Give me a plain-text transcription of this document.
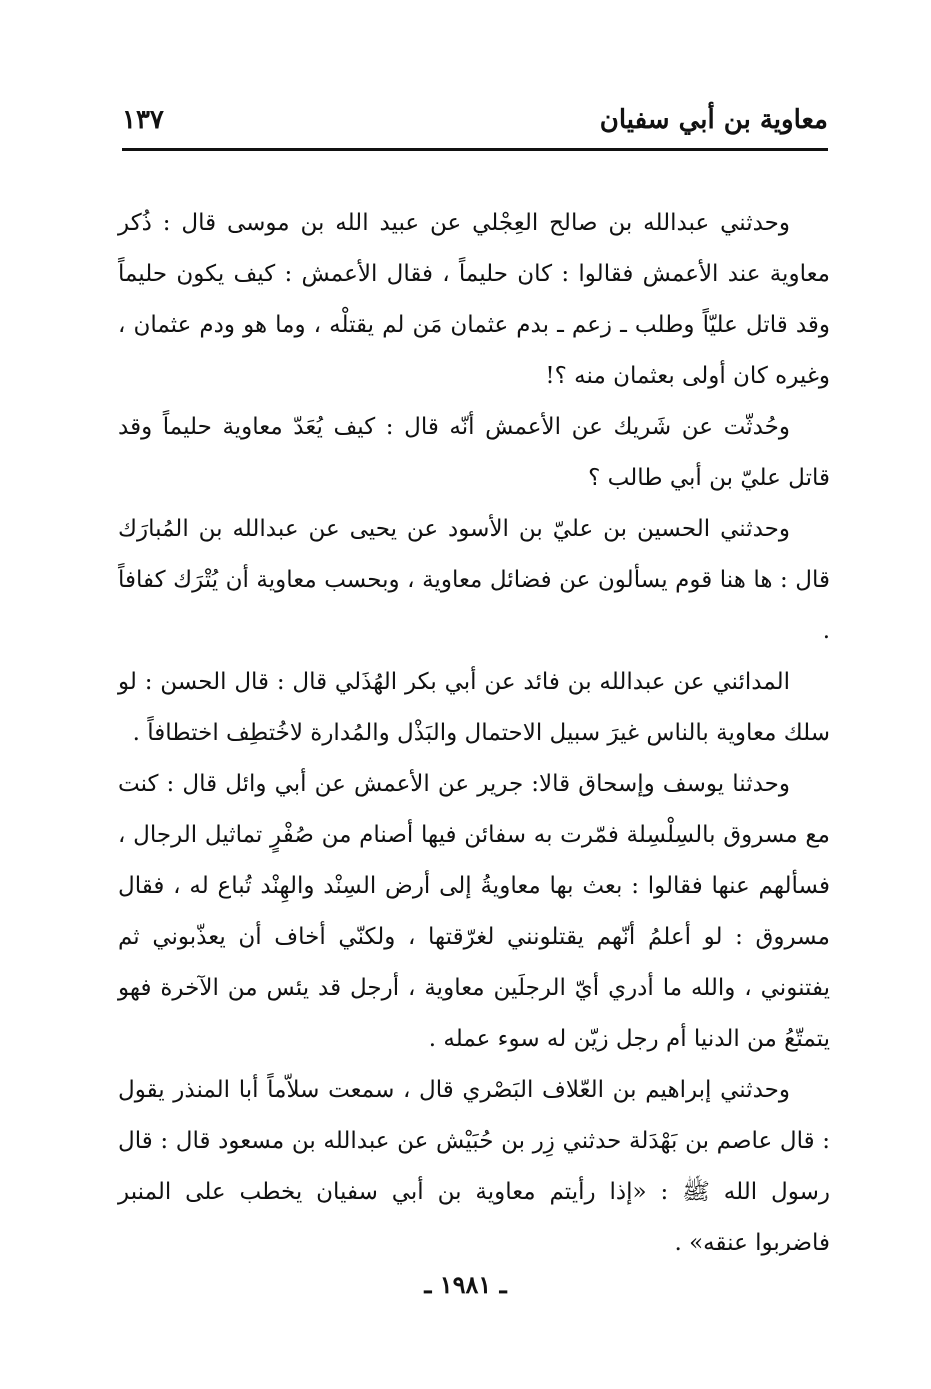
معاوية بن أبي سفيان
١٣٧

وحدثني عبدالله بن صالح العِجْلي عن عبيد الله بن موسى قال : ذُكر معاوية عند الأعمش فقالوا : كان حليماً ، فقال الأعمش : كيف يكون حليماً وقد قاتل عليّاً وطلب ـ زعم ـ بدم عثمان مَن لم يقتلْه ، وما هو ودم عثمان ، وغيره كان أولى بعثمان منه ؟!

وحُدثّت عن شَريك عن الأعمش أنّه قال : كيف يُعَدّ معاوية حليماً وقد قاتل عليّ بن أبي طالب ؟

وحدثني الحسين بن عليّ بن الأسود عن يحيى عن عبدالله بن المُبارَك قال : ها هنا قوم يسألون عن فضائل معاوية ، وبحسب معاوية أن يُتْرَك كفافاً .

المدائني عن عبدالله بن فائد عن أبي بكر الهُذَلي قال : قال الحسن : لو سلك معاوية بالناس غيرَ سبيل الاحتمال والبَذْل والمُدارة لاخُتطِف اختطافاً .

وحدثنا يوسف وإسحاق قالا: جرير عن الأعمش عن أبي وائل قال : كنت مع مسروق بالسِلْسِلة فمّرت به سفائن فيها أصنام من صُفْرٍ تماثيل الرجال ، فسألهم عنها فقالوا : بعث بها معاويةُ إلى أرض السِنْد والهِنْد تُباع له ، فقال مسروق : لو أعلمُ أنّهم يقتلونني لغرّقتها ، ولكنّي أخاف أن يعذّبوني ثم يفتنوني ، والله ما أدري أيّ الرجلَين معاوية ، أرجل قد يئس من الآخرة فهو يتمتّعُ من الدنيا أم رجل زيّن له سوء عمله .

وحدثني إبراهيم بن العّلاف البَصْري قال ، سمعت سلاّماً أبا المنذر يقول : قال عاصم بن بَهْدَلة حدثني زِر بن حُبَيْش عن عبدالله بن مسعود قال : قال رسول الله ﷺ : «إذا رأيتم معاوية بن أبي سفيان يخطب على المنبر فاضربوا عنقه» .

ـ ١٩٨١ ـ
